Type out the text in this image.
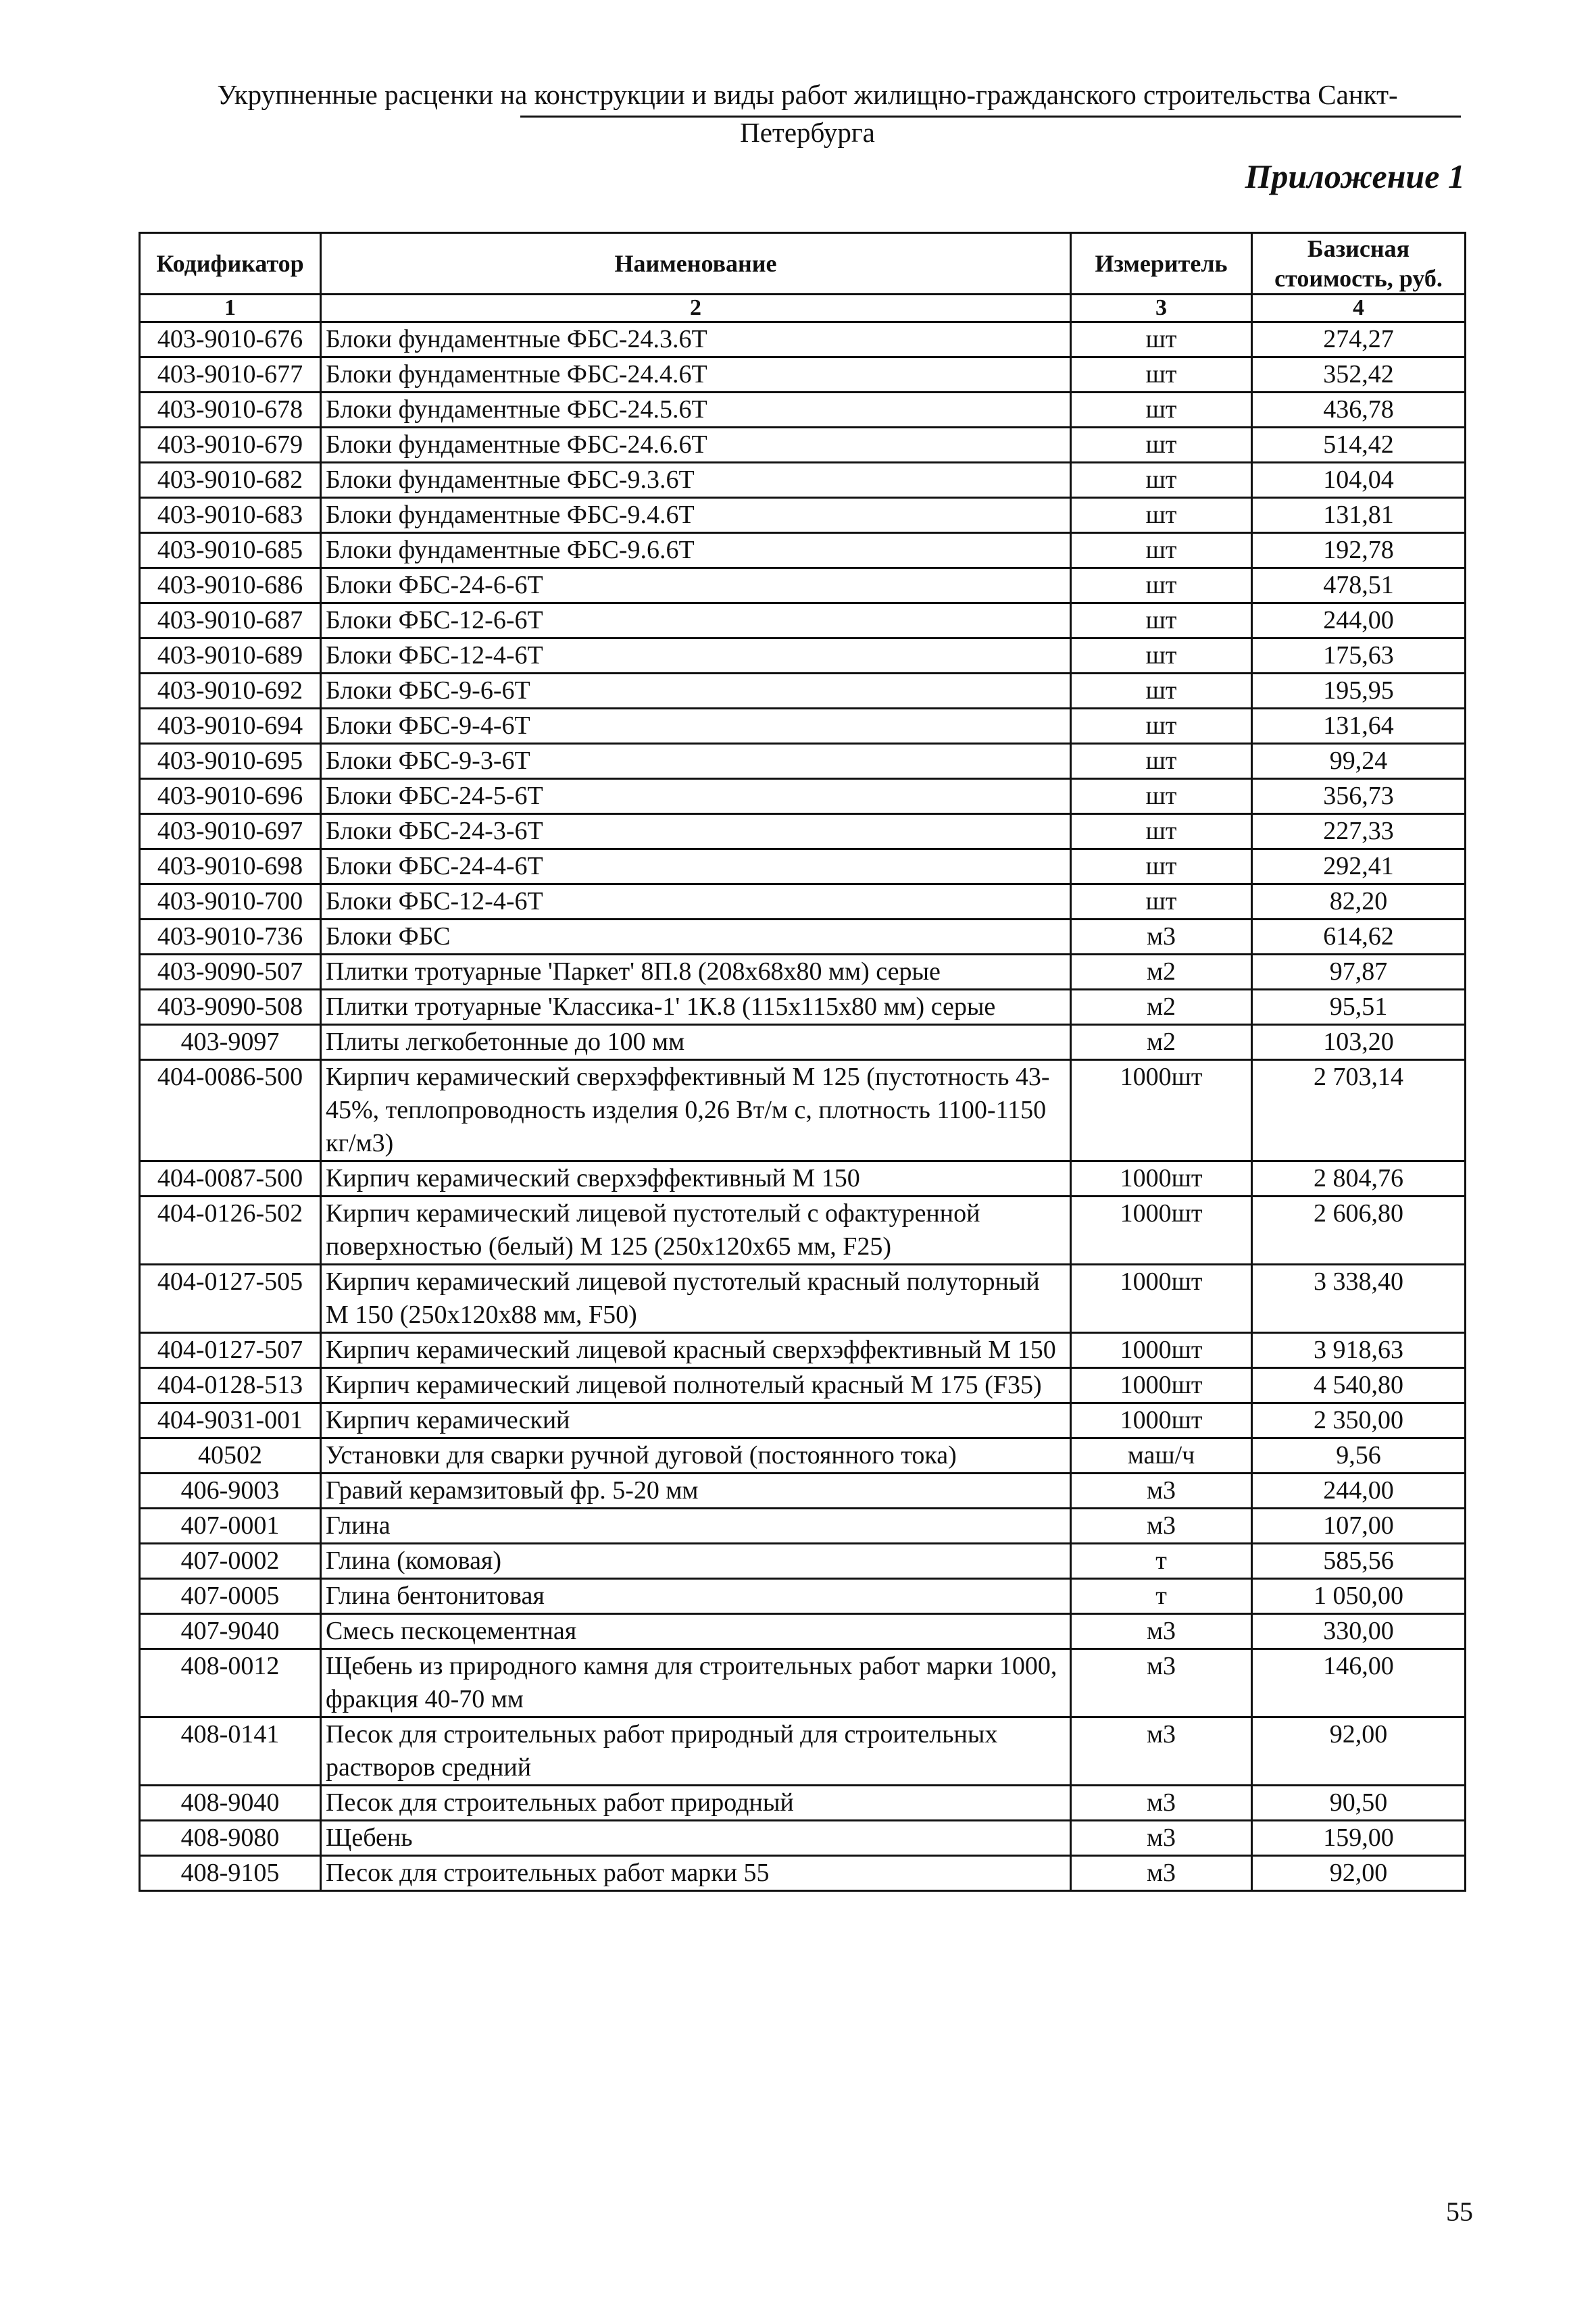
Укрупненные расценки на конструкции и виды работ жилищно-гражданского строительства Санкт-Петербурга
Приложение 1
Кодификатор	Наименование	Измеритель	Базисная стоимость, руб.
1	2	3	4
403-9010-676	Блоки фундаментные ФБС-24.3.6Т	шт	274,27
403-9010-677	Блоки фундаментные ФБС-24.4.6Т	шт	352,42
403-9010-678	Блоки фундаментные ФБС-24.5.6Т	шт	436,78
403-9010-679	Блоки фундаментные ФБС-24.6.6Т	шт	514,42
403-9010-682	Блоки фундаментные ФБС-9.3.6Т	шт	104,04
403-9010-683	Блоки фундаментные ФБС-9.4.6Т	шт	131,81
403-9010-685	Блоки фундаментные ФБС-9.6.6Т	шт	192,78
403-9010-686	Блоки ФБС-24-6-6Т	шт	478,51
403-9010-687	Блоки ФБС-12-6-6Т	шт	244,00
403-9010-689	Блоки ФБС-12-4-6Т	шт	175,63
403-9010-692	Блоки ФБС-9-6-6Т	шт	195,95
403-9010-694	Блоки ФБС-9-4-6Т	шт	131,64
403-9010-695	Блоки ФБС-9-3-6Т	шт	99,24
403-9010-696	Блоки ФБС-24-5-6Т	шт	356,73
403-9010-697	Блоки ФБС-24-3-6Т	шт	227,33
403-9010-698	Блоки ФБС-24-4-6Т	шт	292,41
403-9010-700	Блоки ФБС-12-4-6Т	шт	82,20
403-9010-736	Блоки ФБС	м3	614,62
403-9090-507	Плитки тротуарные 'Паркет' 8П.8 (208x68x80 мм) серые	м2	97,87
403-9090-508	Плитки тротуарные 'Классика-1' 1К.8 (115x115x80 мм) серые	м2	95,51
403-9097	Плиты легкобетонные до 100 мм	м2	103,20
404-0086-500	Кирпич керамический сверхэффективный М 125 (пустотность 43-45%, теплопроводность изделия 0,26 Вт/м с, плотность 1100-1150 кг/м3)	1000шт	2 703,14
404-0087-500	Кирпич керамический сверхэффективный М 150	1000шт	2 804,76
404-0126-502	Кирпич керамический лицевой пустотелый с офактуренной поверхностью (белый) М 125 (250x120x65 мм, F25)	1000шт	2 606,80
404-0127-505	Кирпич керамический лицевой пустотелый красный полуторный М 150 (250x120x88 мм, F50)	1000шт	3 338,40
404-0127-507	Кирпич керамический лицевой красный сверхэффективный М 150	1000шт	3 918,63
404-0128-513	Кирпич керамический лицевой полнотелый красный М 175 (F35)	1000шт	4 540,80
404-9031-001	Кирпич керамический	1000шт	2 350,00
40502	Установки для сварки ручной дуговой (постоянного тока)	маш/ч	9,56
406-9003	Гравий керамзитовый фр. 5-20 мм	м3	244,00
407-0001	Глина	м3	107,00
407-0002	Глина (комовая)	т	585,56
407-0005	Глина бентонитовая	т	1 050,00
407-9040	Смесь пескоцементная	м3	330,00
408-0012	Щебень из природного камня для строительных работ марки 1000, фракция 40-70 мм	м3	146,00
408-0141	Песок для строительных работ природный для строительных растворов средний	м3	92,00
408-9040	Песок для строительных работ природный	м3	90,50
408-9080	Щебень	м3	159,00
408-9105	Песок для строительных работ марки 55	м3	92,00
55
